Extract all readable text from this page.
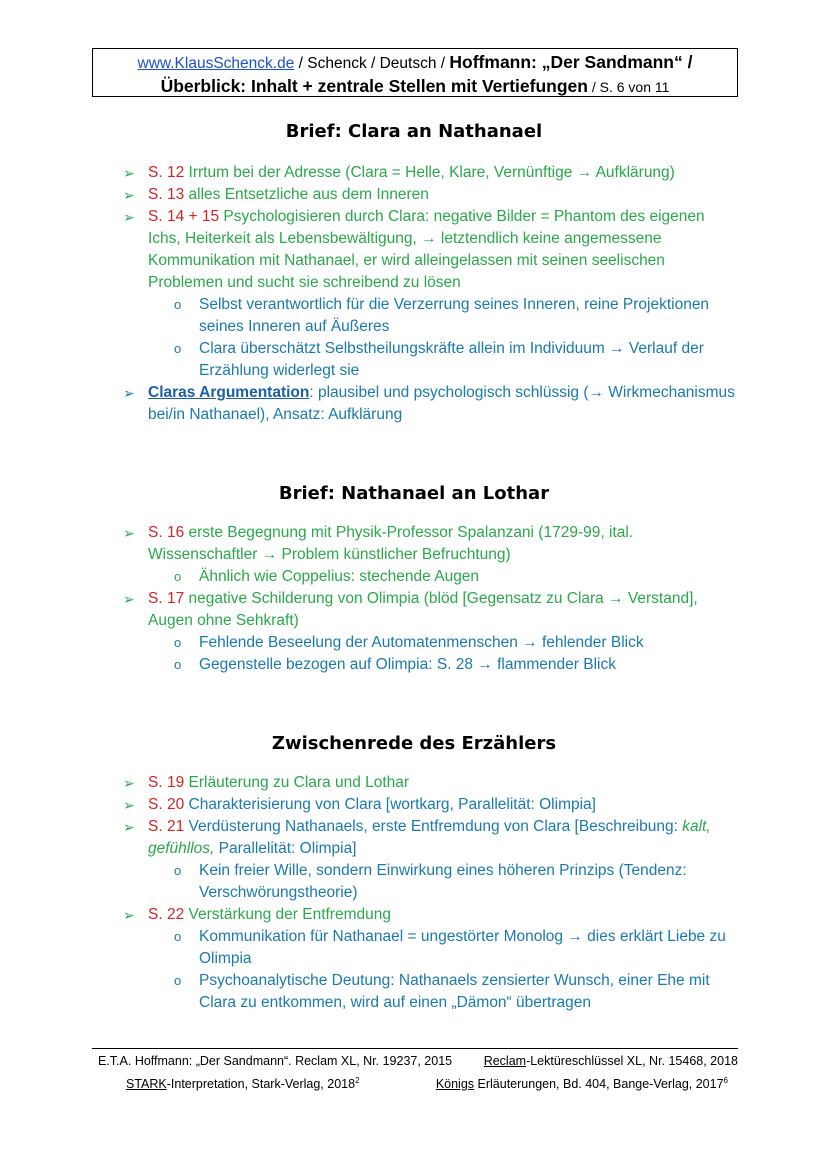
www.KlausSchenck.de / Schenck / Deutsch / Hoffmann: „Der Sandmann“ /
Überblick: Inhalt + zentrale Stellen mit Vertiefungen / S. 6 von 11
Brief: Clara an Nathanael
➢ S. 12 Irrtum bei der Adresse (Clara = Helle, Klare, Vernünftige → Aufklärung)
➢ S. 13 alles Entsetzliche aus dem Inneren
➢ S. 14 + 15 Psychologisieren durch Clara: negative Bilder = Phantom des eigenen Ichs, Heiterkeit als Lebensbewältigung, → letztendlich keine angemessene Kommunikation mit Nathanael, er wird alleingelassen mit seinen seelischen Problemen und sucht sie schreibend zu lösen
o Selbst verantwortlich für die Verzerrung seines Inneren, reine Projektionen seines Inneren auf Äußeres
o Clara überschätzt Selbstheilungskräfte allein im Individuum → Verlauf der Erzählung widerlegt sie
➢ Claras Argumentation: plausibel und psychologisch schlüssig (→ Wirkmechanismus bei/in Nathanael), Ansatz: Aufklärung
Brief: Nathanael an Lothar
➢ S. 16 erste Begegnung mit Physik-Professor Spalanzani (1729-99, ital. Wissenschaftler → Problem künstlicher Befruchtung)
o Ähnlich wie Coppelius: stechende Augen
➢ S. 17 negative Schilderung von Olimpia (blöd [Gegensatz zu Clara → Verstand], Augen ohne Sehkraft)
o Fehlende Beseelung der Automatenmenschen → fehlender Blick
o Gegenstelle bezogen auf Olimpia: S. 28 → flammender Blick
Zwischenrede des Erzählers
➢ S. 19 Erläuterung zu Clara und Lothar
➢ S. 20 Charakterisierung von Clara [wortkarg, Parallelität: Olimpia]
➢ S. 21 Verdüsterung Nathanaels, erste Entfremdung von Clara [Beschreibung: kalt, gefühllos, Parallelität: Olimpia]
o Kein freier Wille, sondern Einwirkung eines höheren Prinzips (Tendenz: Verschwörungstheorie)
➢ S. 22 Verstärkung der Entfremdung
o Kommunikation für Nathanael = ungestörter Monolog → dies erklärt Liebe zu Olimpia
o Psychoanalytische Deutung: Nathanaels zensierter Wunsch, einer Ehe mit Clara zu entkommen, wird auf einen „Dämon“ übertragen
E.T.A. Hoffmann: „Der Sandmann“. Reclam XL, Nr. 19237, 2015	Reclam-Lektüreschlüssel XL, Nr. 15468, 2018
STARK-Interpretation, Stark-Verlag, 2018$^2$	Königs Erläuterungen, Bd. 404, Bange-Verlag, 2017$^6$
